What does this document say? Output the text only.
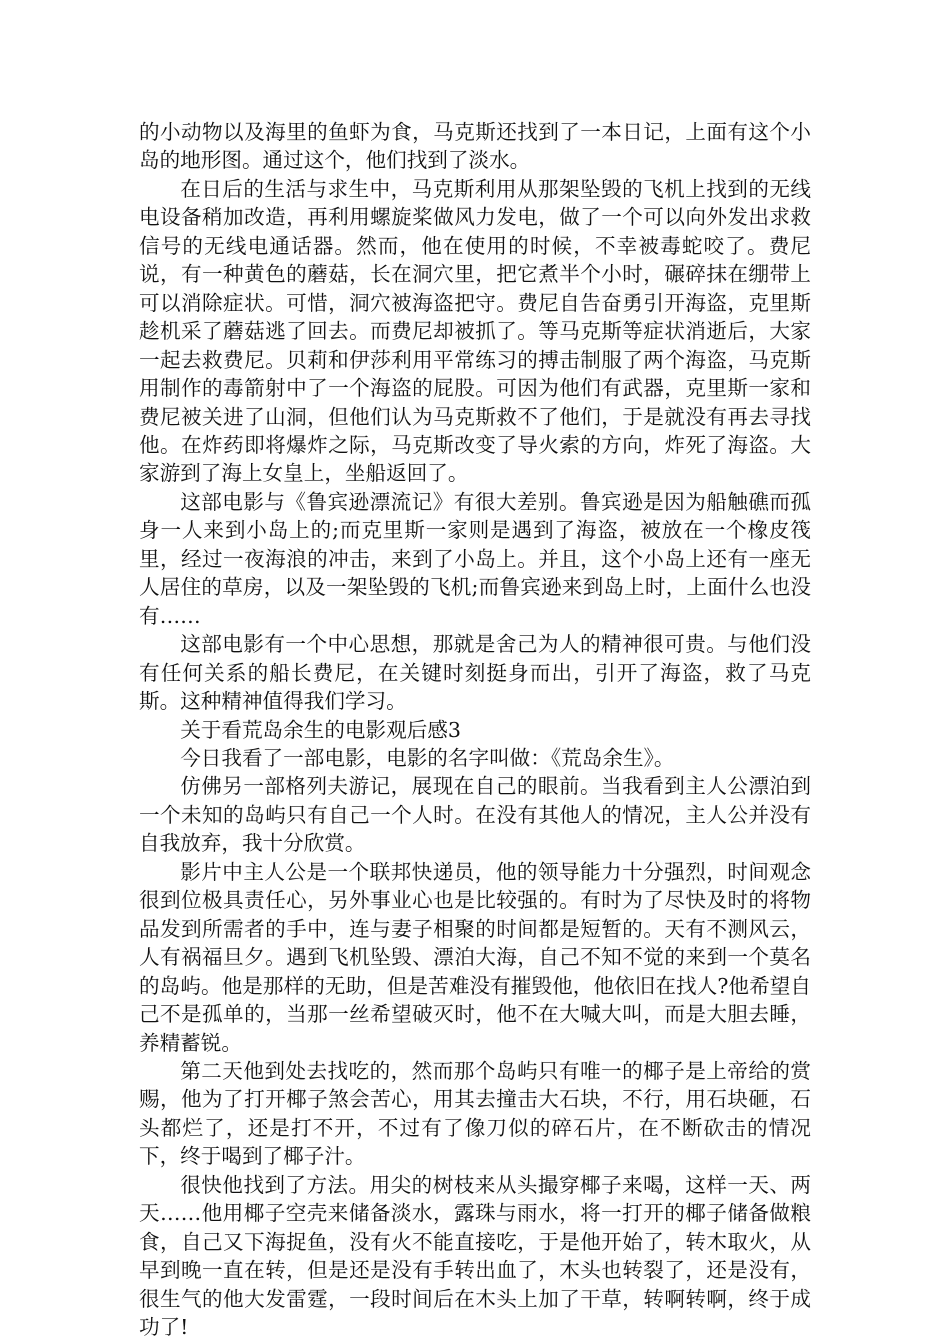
的小动物以及海里的鱼虾为食，马克斯还找到了一本日记，上面有这个小岛的地形图。通过这个，他们找到了淡水。

在日后的生活与求生中，马克斯利用从那架坠毁的飞机上找到的无线电设备稍加改造，再利用螺旋桨做风力发电，做了一个可以向外发出求救信号的无线电通话器。然而，他在使用的时候，不幸被毒蛇咬了。费尼说，有一种黄色的蘑菇，长在洞穴里，把它煮半个小时，碾碎抹在绷带上可以消除症状。可惜，洞穴被海盗把守。费尼自告奋勇引开海盗，克里斯趁机采了蘑菇逃了回去。而费尼却被抓了。等马克斯等症状消逝后，大家一起去救费尼。贝莉和伊莎利用平常练习的搏击制服了两个海盗，马克斯用制作的毒箭射中了一个海盗的屁股。可因为他们有武器，克里斯一家和费尼被关进了山洞，但他们认为马克斯救不了他们，于是就没有再去寻找他。在炸药即将爆炸之际，马克斯改变了导火索的方向，炸死了海盗。大家游到了海上女皇上，坐船返回了。

这部电影与《鲁宾逊漂流记》有很大差别。鲁宾逊是因为船触礁而孤身一人来到小岛上的;而克里斯一家则是遇到了海盗，被放在一个橡皮筏里，经过一夜海浪的冲击，来到了小岛上。并且，这个小岛上还有一座无人居住的草房，以及一架坠毁的飞机;而鲁宾逊来到岛上时，上面什么也没有……

这部电影有一个中心思想，那就是舍己为人的精神很可贵。与他们没有任何关系的船长费尼，在关键时刻挺身而出，引开了海盗，救了马克斯。这种精神值得我们学习。

关于看荒岛余生的电影观后感3

今日我看了一部电影，电影的名字叫做：《荒岛余生》。

仿佛另一部格列夫游记，展现在自己的眼前。当我看到主人公漂泊到一个未知的岛屿只有自己一个人时。在没有其他人的情况，主人公并没有自我放弃，我十分欣赏。

影片中主人公是一个联邦快递员，他的领导能力十分强烈，时间观念很到位极具责任心，另外事业心也是比较强的。有时为了尽快及时的将物品发到所需者的手中，连与妻子相聚的时间都是短暂的。天有不测风云，人有祸福旦夕。遇到飞机坠毁、漂泊大海，自己不知不觉的来到一个莫名的岛屿。他是那样的无助，但是苦难没有摧毁他，他依旧在找人?他希望自己不是孤单的，当那一丝希望破灭时，他不在大喊大叫，而是大胆去睡，养精蓄锐。

第二天他到处去找吃的，然而那个岛屿只有唯一的椰子是上帝给的赏赐，他为了打开椰子煞会苦心，用其去撞击大石块，不行，用石块砸，石头都烂了，还是打不开，不过有了像刀似的碎石片，在不断砍击的情况下，终于喝到了椰子汁。

很快他找到了方法。用尖的树枝来从头撮穿椰子来喝，这样一天、两天……他用椰子空壳来储备淡水，露珠与雨水，将一打开的椰子储备做粮食，自己又下海捉鱼，没有火不能直接吃，于是他开始了，转木取火，从早到晚一直在转，但是还是没有手转出血了，木头也转裂了，还是没有，很生气的他大发雷霆，一段时间后在木头上加了干草，转啊转啊，终于成功了!
